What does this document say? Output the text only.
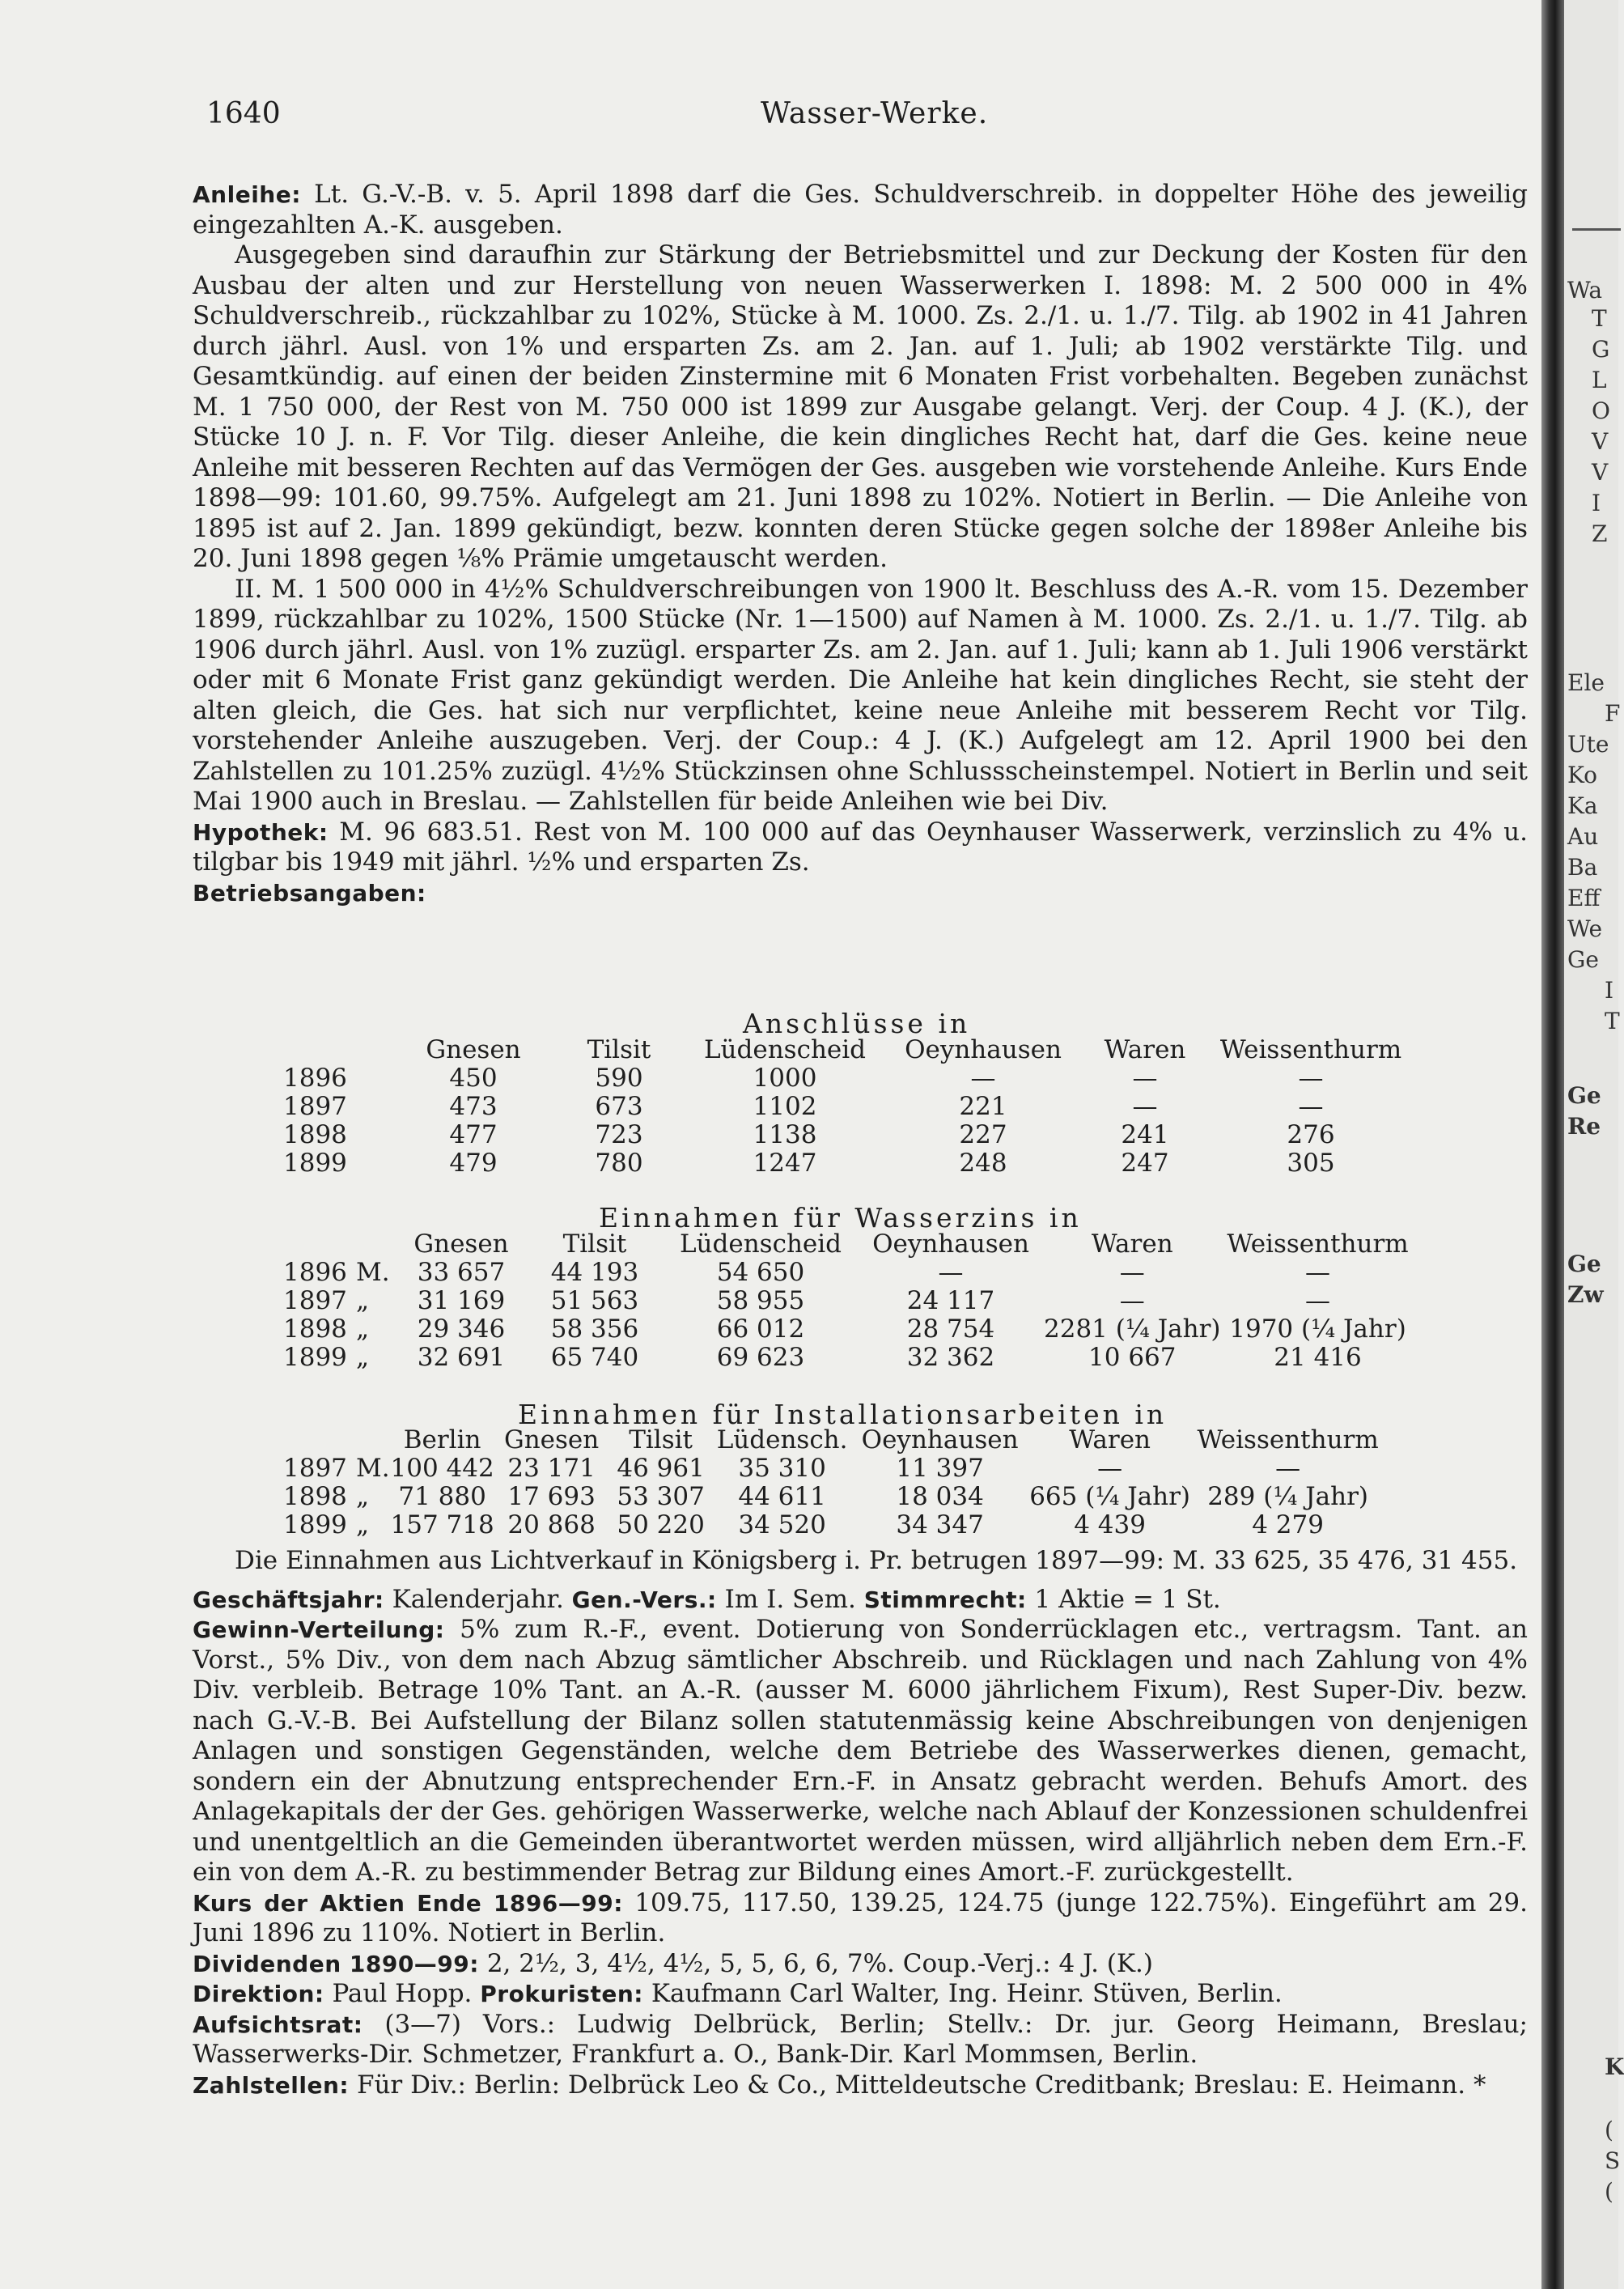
1640	Wasser-Werke.

Anleihe: Lt. G.-V.-B. v. 5. April 1898 darf die Ges. Schuldverschreib. in doppelter Höhe des jeweilig eingezahlten A.-K. ausgeben.

Ausgegeben sind daraufhin zur Stärkung der Betriebsmittel und zur Deckung der Kosten für den Ausbau der alten und zur Herstellung von neuen Wasserwerken I. 1898: M. 2 500 000 in 4% Schuldverschreib., rückzahlbar zu 102%, Stücke à M. 1000. Zs. 2./1. u. 1./7. Tilg. ab 1902 in 41 Jahren durch jährl. Ausl. von 1% und ersparten Zs. am 2. Jan. auf 1. Juli; ab 1902 verstärkte Tilg. und Gesamtkündig. auf einen der beiden Zinstermine mit 6 Monaten Frist vorbehalten. Begeben zunächst M. 1 750 000, der Rest von M. 750 000 ist 1899 zur Ausgabe gelangt. Verj. der Coup. 4 J. (K.), der Stücke 10 J. n. F. Vor Tilg. dieser Anleihe, die kein dingliches Recht hat, darf die Ges. keine neue Anleihe mit besseren Rechten auf das Vermögen der Ges. ausgeben wie vorstehende Anleihe. Kurs Ende 1898—99: 101.60, 99.75%. Aufgelegt am 21. Juni 1898 zu 102%. Notiert in Berlin. — Die Anleihe von 1895 ist auf 2. Jan. 1899 gekündigt, bezw. konnten deren Stücke gegen solche der 1898er Anleihe bis 20. Juni 1898 gegen ⅛% Prämie umgetauscht werden.

II. M. 1 500 000 in 4½% Schuldverschreibungen von 1900 lt. Beschluss des A.-R. vom 15. Dezember 1899, rückzahlbar zu 102%, 1500 Stücke (Nr. 1—1500) auf Namen à M. 1000. Zs. 2./1. u. 1./7. Tilg. ab 1906 durch jährl. Ausl. von 1% zuzügl. ersparter Zs. am 2. Jan. auf 1. Juli; kann ab 1. Juli 1906 verstärkt oder mit 6 Monate Frist ganz gekündigt werden. Die Anleihe hat kein dingliches Recht, sie steht der alten gleich, die Ges. hat sich nur verpflichtet, keine neue Anleihe mit besserem Recht vor Tilg. vorstehender Anleihe auszugeben. Verj. der Coup.: 4 J. (K.) Aufgelegt am 12. April 1900 bei den Zahlstellen zu 101.25% zuzügl. 4½% Stückzinsen ohne Schlussscheinstempel. Notiert in Berlin und seit Mai 1900 auch in Breslau. — Zahlstellen für beide Anleihen wie bei Div.

Hypothek: M. 96 683.51. Rest von M. 100 000 auf das Oeynhauser Wasserwerk, verzinslich zu 4% u. tilgbar bis 1949 mit jährl. ½% und ersparten Zs.

Betriebsangaben:

Anschlüsse in
	Gnesen	Tilsit	Lüdenscheid	Oeynhausen	Waren	Weissenthurm
1896	450	590	1000	—	—	—
1897	473	673	1102	221	—	—
1898	477	723	1138	227	241	276
1899	479	780	1247	248	247	305
Einnahmen für Wasserzins in
		Gnesen	Tilsit	Lüdenscheid	Oeynhausen	Waren	Weissenthurm
1896	M.	33 657	44 193	54 650	—	—	—
1897	„	31 169	51 563	58 955	24 117	—	—
1898	„	29 346	58 356	66 012	28 754	2281 (¼ Jahr)	1970 (¼ Jahr)
1899	„	32 691	65 740	69 623	32 362	10 667	21 416
Einnahmen für Installationsarbeiten in
		Berlin	Gnesen	Tilsit	Lüdensch.	Oeynhausen	Waren	Weissenthurm
1897	M.	100 442	23 171	46 961	35 310	11 397	—	—
1898	„	71 880	17 693	53 307	44 611	18 034	665 (¼ Jahr)	289 (¼ Jahr)
1899	„	157 718	20 868	50 220	34 520	34 347	4 439	4 279

Die Einnahmen aus Lichtverkauf in Königsberg i. Pr. betrugen 1897—99: M. 33 625, 35 476, 31 455.

Geschäftsjahr: Kalenderjahr. Gen.-Vers.: Im I. Sem. Stimmrecht: 1 Aktie = 1 St.

Gewinn-Verteilung: 5% zum R.-F., event. Dotierung von Sonderrücklagen etc., vertragsm. Tant. an Vorst., 5% Div., von dem nach Abzug sämtlicher Abschreib. und Rücklagen und nach Zahlung von 4% Div. verbleib. Betrage 10% Tant. an A.-R. (ausser M. 6000 jährlichem Fixum), Rest Super-Div. bezw. nach G.-V.-B. Bei Aufstellung der Bilanz sollen statutenmässig keine Abschreibungen von denjenigen Anlagen und sonstigen Gegenständen, welche dem Betriebe des Wasserwerkes dienen, gemacht, sondern ein der Abnutzung entsprechender Ern.-F. in Ansatz gebracht werden. Behufs Amort. des Anlagekapitals der der Ges. gehörigen Wasserwerke, welche nach Ablauf der Konzessionen schuldenfrei und unentgeltlich an die Gemeinden überantwortet werden müssen, wird alljährlich neben dem Ern.-F. ein von dem A.-R. zu bestimmender Betrag zur Bildung eines Amort.-F. zurückgestellt.

Kurs der Aktien Ende 1896—99: 109.75, 117.50, 139.25, 124.75 (junge 122.75%). Eingeführt am 29. Juni 1896 zu 110%. Notiert in Berlin.

Dividenden 1890—99: 2, 2½, 3, 4½, 4½, 5, 5, 6, 6, 7%. Coup.-Verj.: 4 J. (K.)

Direktion: Paul Hopp. Prokuristen: Kaufmann Carl Walter, Ing. Heinr. Stüven, Berlin.

Aufsichtsrat: (3—7) Vors.: Ludwig Delbrück, Berlin; Stellv.: Dr. jur. Georg Heimann, Breslau; Wasserwerks-Dir. Schmetzer, Frankfurt a. O., Bank-Dir. Karl Mommsen, Berlin.

Zahlstellen: Für Div.: Berlin: Delbrück Leo & Co., Mitteldeutsche Creditbank; Breslau: E. Heimann. *

Wa
T
G
L
O
V
V
I
Z
Ele
F
Ute
Ko
Ka
Au
Ba
Eff
We
Ge
I
T
Ge
Re
Ge
Zw
K
(
S
(
